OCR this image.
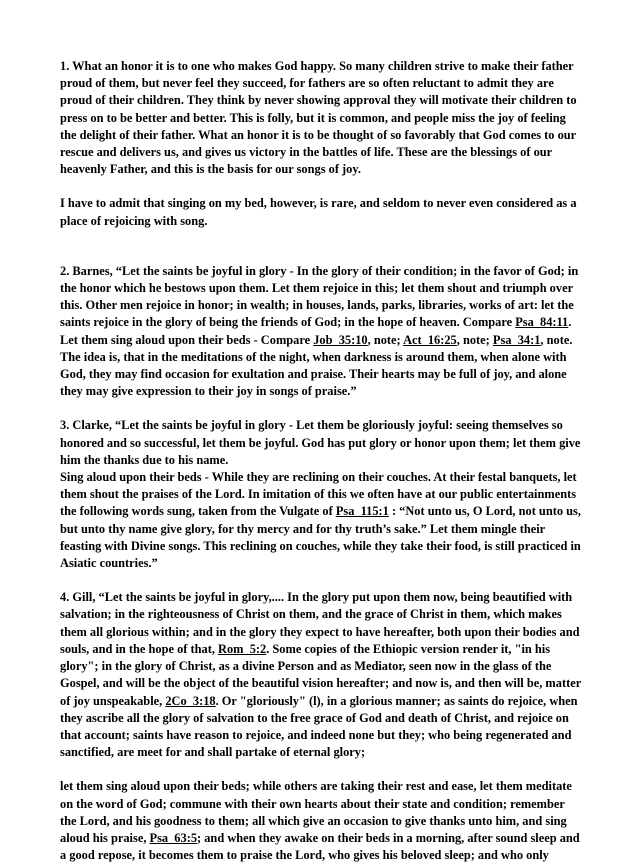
1. What an honor it is to one who makes God happy. So many children strive to make their father proud of them, but never feel they succeed, for fathers are so often reluctant to admit they are proud of their children. They think by never showing approval they will motivate their children to press on to be better and better. This is folly, but it is common, and people miss the joy of feeling the delight of their father. What an honor it is to be thought of so favorably that God comes to our rescue and delivers us, and gives us victory in the battles of life. These are the blessings of our heavenly Father, and this is the basis for our songs of joy.

I have to admit that singing on my bed, however, is rare, and seldom to never even considered as a place of rejoicing with song.

2. Barnes, “Let the saints be joyful in glory - In the glory of their condition; in the favor of God; in the honor which he bestows upon them. Let them rejoice in this; let them shout and triumph over this. Other men rejoice in honor; in wealth; in houses, lands, parks, libraries, works of art: let the saints rejoice in the glory of being the friends of God; in the hope of heaven. Compare Psa_84:11.
Let them sing aloud upon their beds - Compare Job_35:10, note; Act_16:25, note; Psa_34:1, note. The idea is, that in the meditations of the night, when darkness is around them, when alone with God, they may find occasion for exultation and praise. Their hearts may be full of joy, and alone they may give expression to their joy in songs of praise.”

3. Clarke, “Let the saints be joyful in glory - Let them be gloriously joyful: seeing themselves so honored and so successful, let them be joyful. God has put glory or honor upon them; let them give him the thanks due to his name.
Sing aloud upon their beds - While they are reclining on their couches. At their festal banquets, let them shout the praises of the Lord. In imitation of this we often have at our public entertainments the following words sung, taken from the Vulgate of Psa_115:1 : “Not unto us, O Lord, not unto us, but unto thy name give glory, for thy mercy and for thy truth’s sake.” Let them mingle their feasting with Divine songs. This reclining on couches, while they take their food, is still practiced in Asiatic countries.”

4. Gill, “Let the saints be joyful in glory,.... In the glory put upon them now, being beautified with salvation; in the righteousness of Christ on them, and the grace of Christ in them, which makes them all glorious within; and in the glory they expect to have hereafter, both upon their bodies and souls, and in the hope of that, Rom_5:2. Some copies of the Ethiopic version render it, "in his glory"; in the glory of Christ, as a divine Person and as Mediator, seen now in the glass of the Gospel, and will be the object of the beautiful vision hereafter; and now is, and then will be, matter of joy unspeakable, 2Co_3:18. Or "gloriously" (l), in a glorious manner; as saints do rejoice, when they ascribe all the glory of salvation to the free grace of God and death of Christ, and rejoice on that account; saints have reason to rejoice, and indeed none but they; who being regenerated and sanctified, are meet for and shall partake of eternal glory;

let them sing aloud upon their beds; while others are taking their rest and ease, let them meditate on the word of God; commune with their own hearts about their state and condition; remember the Lord, and his goodness to them; all which give an occasion to give thanks unto him, and sing aloud his praise, Psa_63:5; and when they awake on their beds in a morning, after sound sleep and a good repose, it becomes them to praise the Lord, who gives his beloved sleep; and who only
